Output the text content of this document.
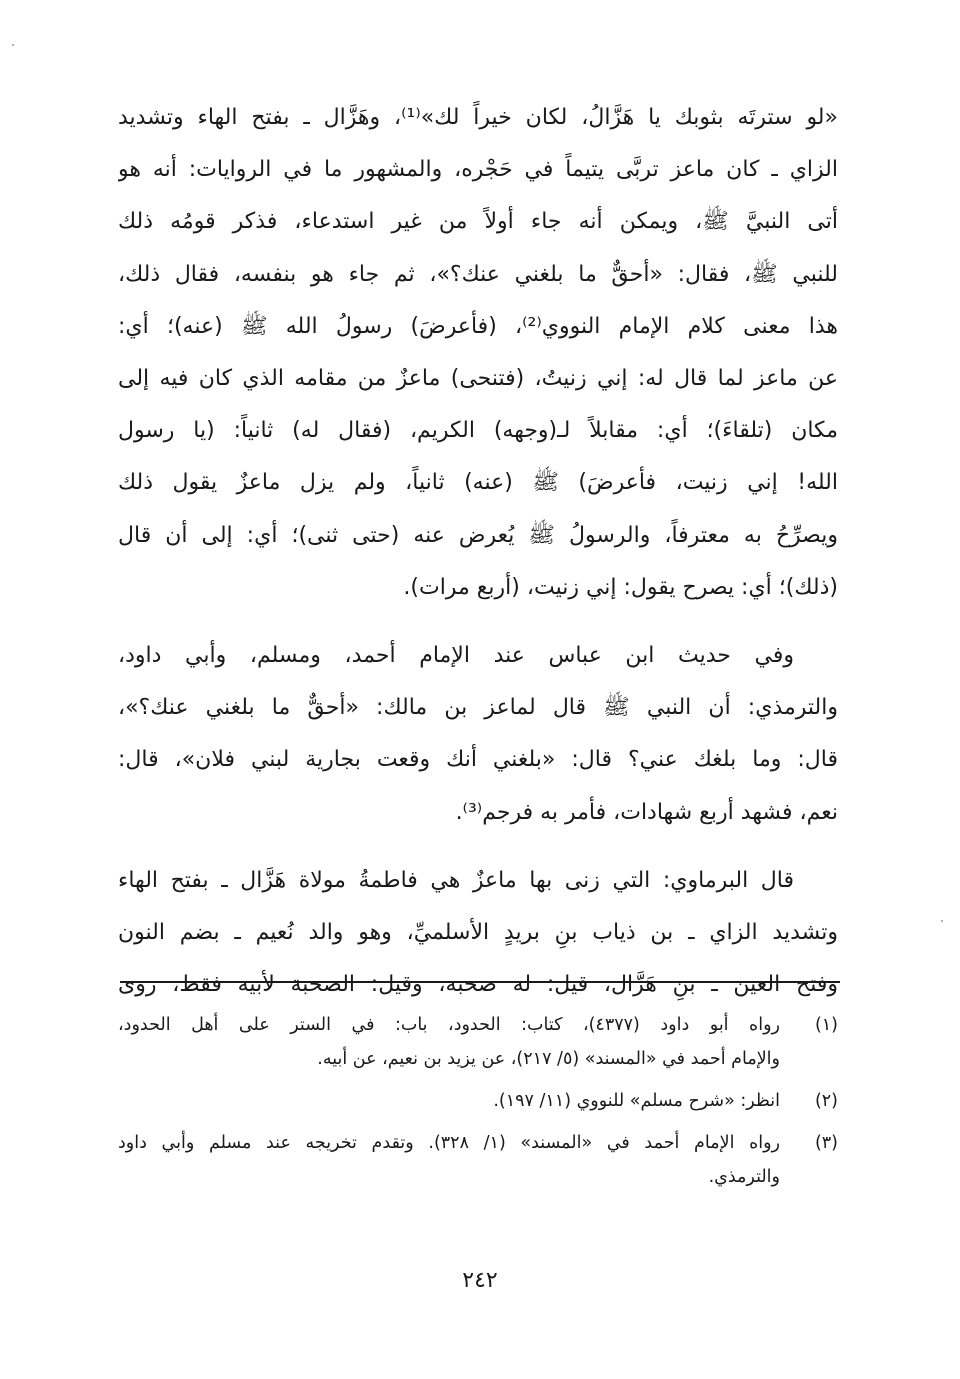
«لو سترتَه بثوبك يا هَزَّالُ، لكان خيراً لك»⁽¹⁾، وهَزَّال ـ بفتح الهاء وتشديد
الزاي ـ كان ماعز تربَّى يتيماً في حَجْره، والمشهور ما في الروايات: أنه هو
أتى النبيَّ ﷺ، ويمكن أنه جاء أولاً من غير استدعاء، فذكر قومُه ذلك
للنبي ﷺ، فقال: «أحقٌّ ما بلغني عنك؟»، ثم جاء هو بنفسه، فقال ذلك،
هذا معنى كلام الإمام النووي⁽²⁾، (فأعرضَ) رسولُ الله ﷺ (عنه)؛ أي:
عن ماعز لما قال له: إني زنيتُ، (فتنحى) ماعزٌ من مقامه الذي كان فيه إلى
مكان (تلقاءَ)؛ أي: مقابلاً لـ(وجهه) الكريم، (فقال له) ثانياً: (يا رسول
الله! إني زنيت، فأعرضَ) ﷺ (عنه) ثانياً، ولم يزل ماعزٌ يقول ذلك
ويصرِّحُ به معترفاً، والرسولُ ﷺ يُعرض عنه (حتى ثنى)؛ أي: إلى أن قال
(ذلك)؛ أي: يصرح يقول: إني زنيت، (أربع مرات).

وفي حديث ابن عباس عند الإمام أحمد، ومسلم، وأبي داود،
والترمذي: أن النبي ﷺ قال لماعز بن مالك: «أحقٌّ ما بلغني عنك؟»،
قال: وما بلغك عني؟ قال: «بلغني أنك وقعت بجارية لبني فلان»، قال:
نعم، فشهد أربع شهادات، فأمر به فرجم⁽³⁾.

قال البرماوي: التي زنى بها ماعزٌ هي فاطمةُ مولاة هَزَّال ـ بفتح الهاء
وتشديد الزاي ـ بن ذياب بنِ بريدٍ الأسلميِّ، وهو والد نُعيم ـ بضم النون
وفتح العين ـ بنِ هَزَّال، قيل: له صحبه، وقيل: الصحبة لأبيه فقط، روى

(١)
رواه أبو داود (٤٣٧٧)، كتاب: الحدود، باب: في الستر على أهل الحدود،
والإمام أحمد في «المسند» (٥/ ٢١٧)، عن يزيد بن نعيم، عن أبيه.
(٢)
انظر: «شرح مسلم» للنووي (١١/ ١٩٧).
(٣)
رواه الإمام أحمد في «المسند» (١/ ٣٢٨). وتقدم تخريجه عند مسلم وأبي داود
والترمذي.
٢٤٢
